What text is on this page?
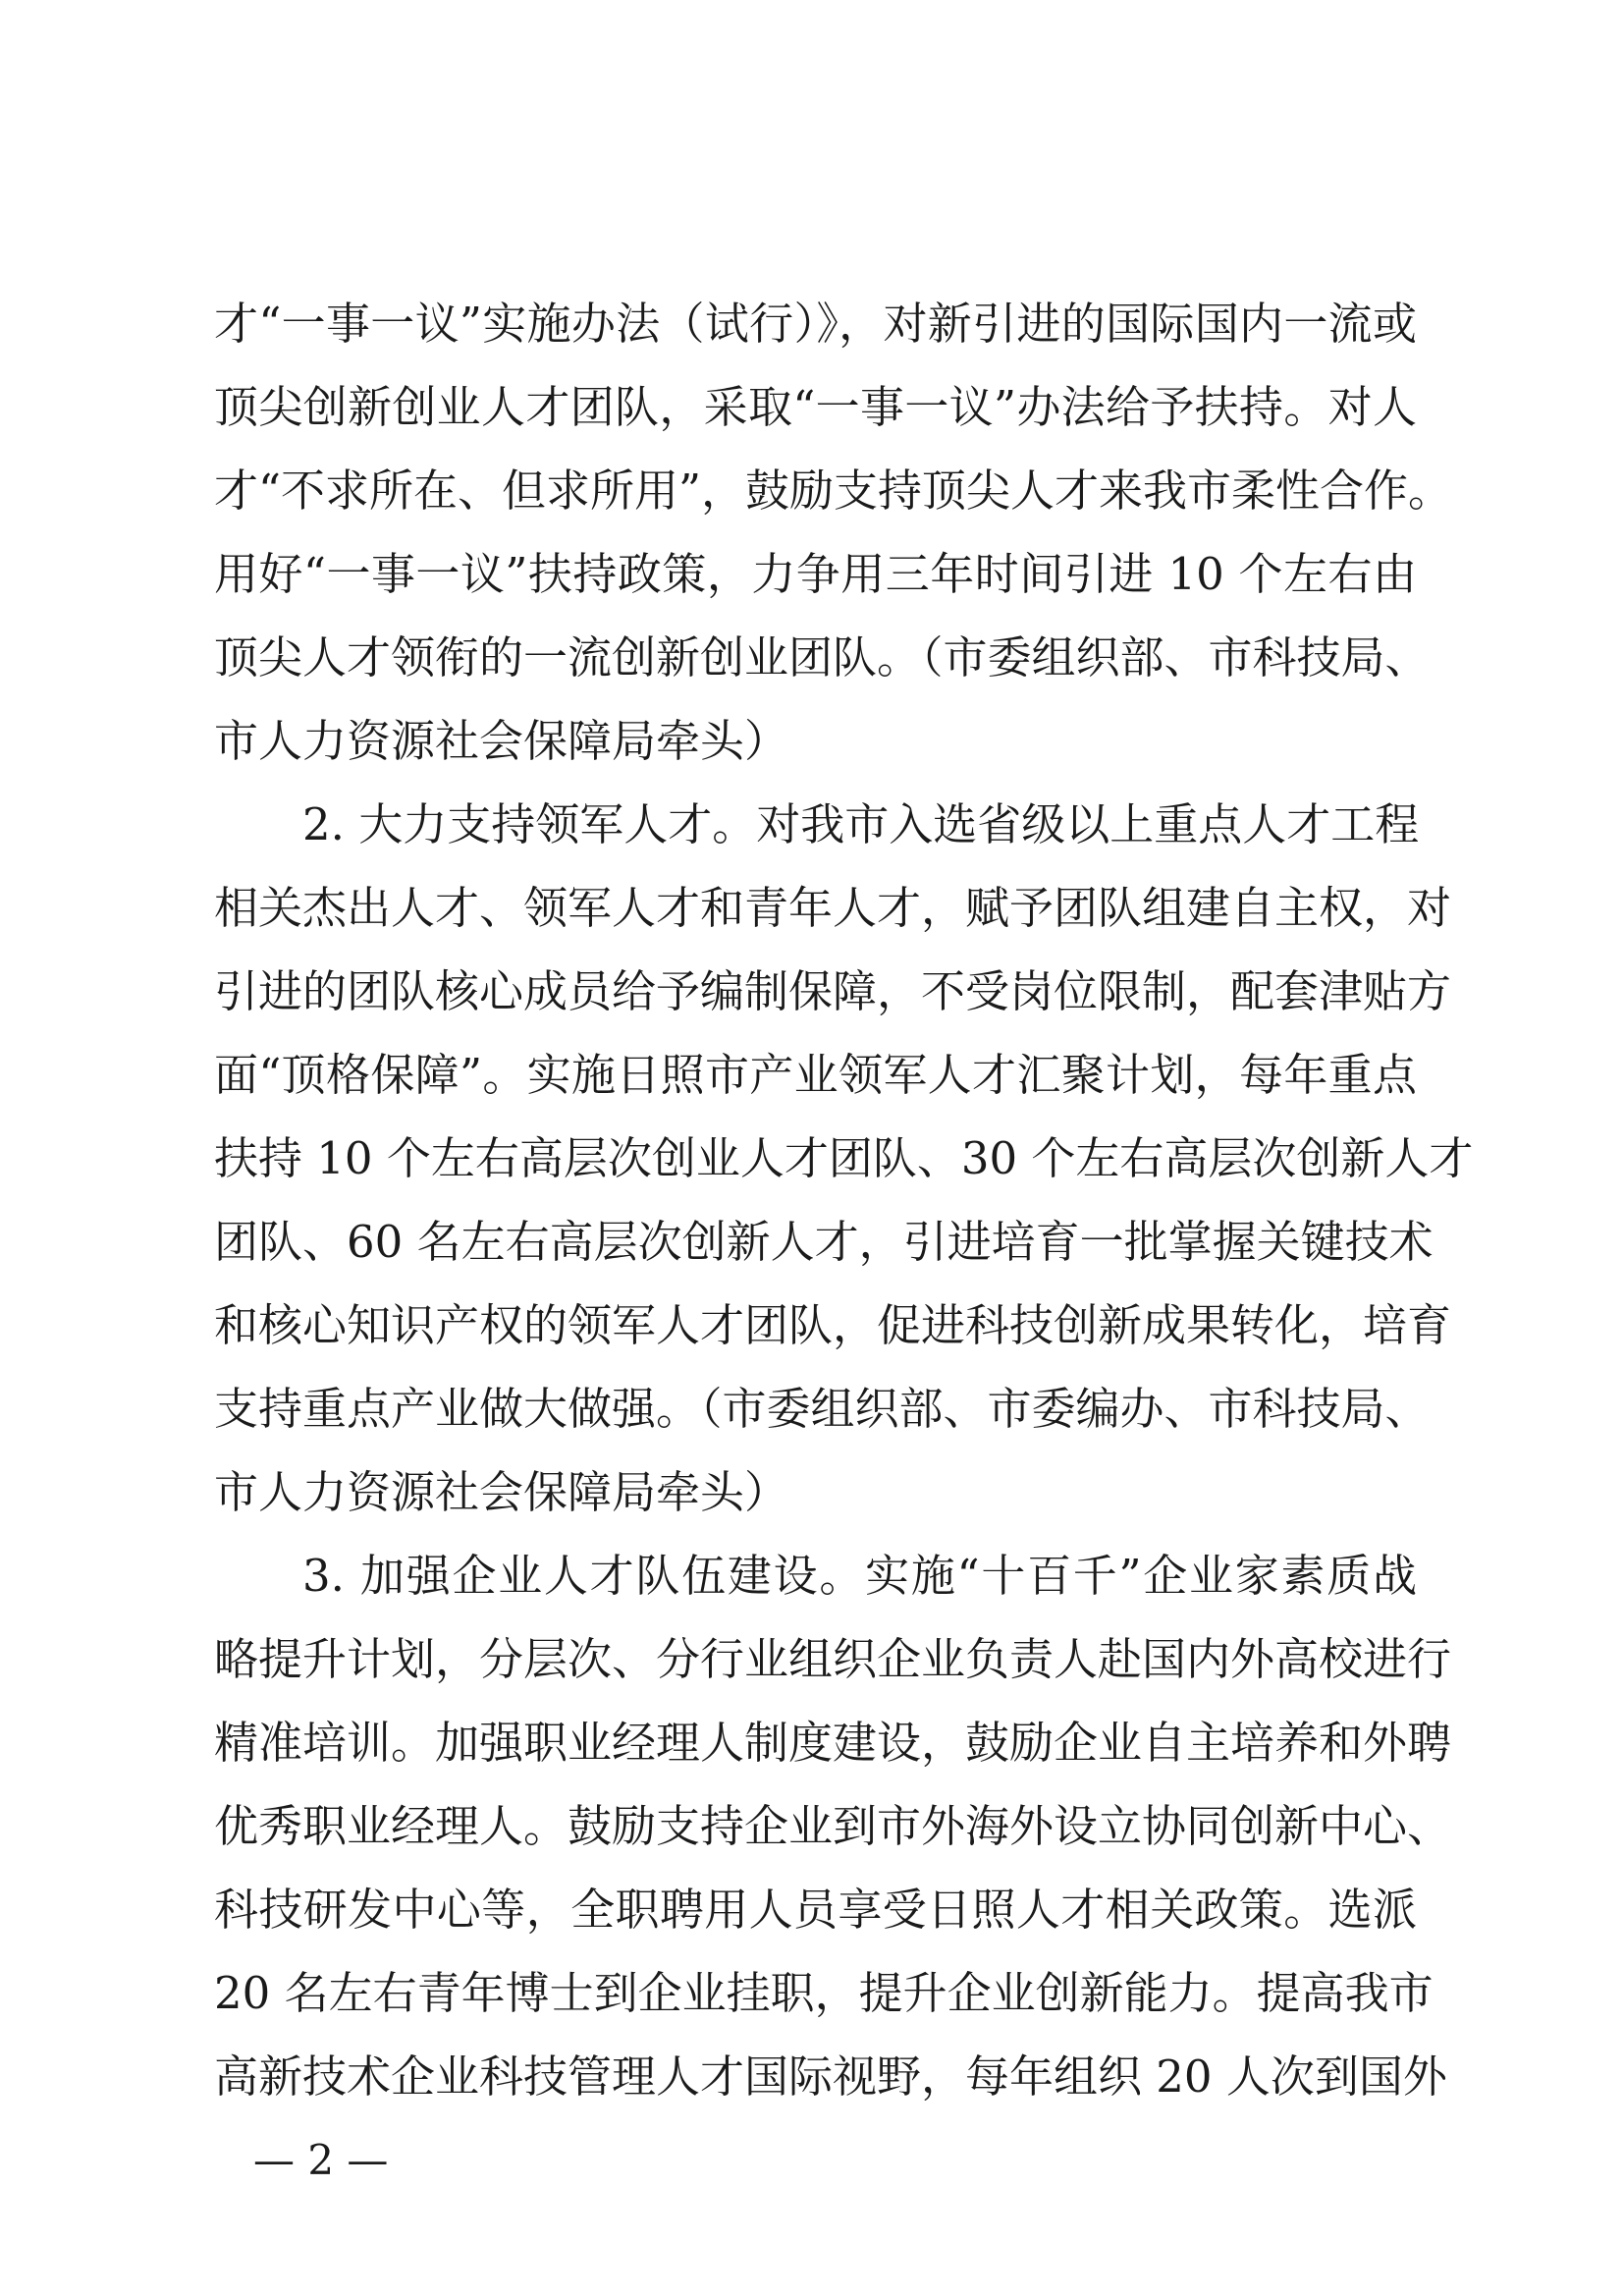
才“一事一议”实施办法（试行）》，对新引进的国际国内一流或
顶尖创新创业人才团队，采取“一事一议”办法给予扶持。对人
才“不求所在、但求所用”，鼓励支持顶尖人才来我市柔性合作。
用好“一事一议”扶持政策，力争用三年时间引进 10 个左右由
顶尖人才领衔的一流创新创业团队。（市委组织部、市科技局、
市人力资源社会保障局牵头）
2. 大力支持领军人才。对我市入选省级以上重点人才工程
相关杰出人才、领军人才和青年人才，赋予团队组建自主权，对
引进的团队核心成员给予编制保障，不受岗位限制，配套津贴方
面“顶格保障”。实施日照市产业领军人才汇聚计划，每年重点
扶持 10 个左右高层次创业人才团队、30 个左右高层次创新人才
团队、60 名左右高层次创新人才，引进培育一批掌握关键技术
和核心知识产权的领军人才团队，促进科技创新成果转化，培育
支持重点产业做大做强。（市委组织部、市委编办、市科技局、
市人力资源社会保障局牵头）
3. 加强企业人才队伍建设。实施“十百千”企业家素质战
略提升计划，分层次、分行业组织企业负责人赴国内外高校进行
精准培训。加强职业经理人制度建设，鼓励企业自主培养和外聘
优秀职业经理人。鼓励支持企业到市外海外设立协同创新中心、
科技研发中心等，全职聘用人员享受日照人才相关政策。选派
20 名左右青年博士到企业挂职，提升企业创新能力。提高我市
高新技术企业科技管理人才国际视野，每年组织 20 人次到国外
— 2 —
